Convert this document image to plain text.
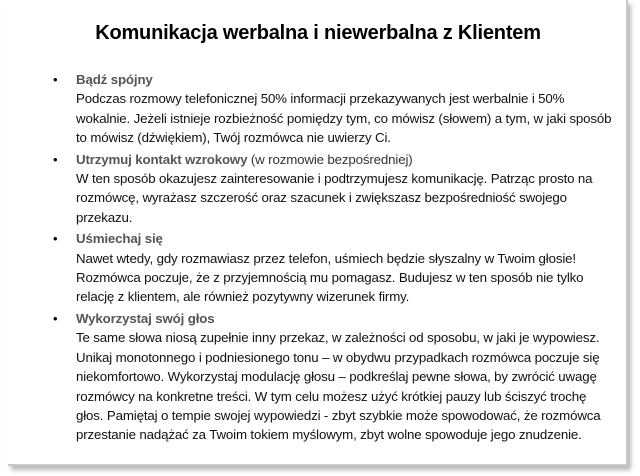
Komunikacja werbalna i niewerbalna z Klientem
•	Bądź spójny
Podczas rozmowy telefonicznej 50% informacji przekazywanych jest werbalnie i 50% wokalnie. Jeżeli istnieje rozbieżność pomiędzy tym, co mówisz (słowem) a tym, w jaki sposób to mówisz (dźwiękiem), Twój rozmówca nie uwierzy Ci.
•	Utrzymuj kontakt wzrokowy (w rozmowie bezpośredniej)
W ten sposób okazujesz zainteresowanie i podtrzymujesz komunikację. Patrząc prosto na rozmówcę, wyrażasz szczerość oraz szacunek i zwiększasz bezpośredniość swojego przekazu.
•	Uśmiechaj się
Nawet wtedy, gdy rozmawiasz przez telefon, uśmiech będzie słyszalny w Twoim głosie! Rozmówca poczuje, że z przyjemnością mu pomagasz. Budujesz w ten sposób nie tylko relację z klientem, ale również pozytywny wizerunek firmy.
•	Wykorzystaj swój głos
Te same słowa niosą zupełnie inny przekaz, w zależności od sposobu, w jaki je wypowiesz. Unikaj monotonnego i podniesionego tonu – w obydwu przypadkach rozmówca poczuje się niekomfortowo. Wykorzystaj modulację głosu – podkreślaj pewne słowa, by zwrócić uwagę rozmówcy na konkretne treści. W tym celu możesz użyć krótkiej pauzy lub ściszyć trochę głos. Pamiętaj o tempie swojej wypowiedzi - zbyt szybkie może spowodować, że rozmówca przestanie nadążać za Twoim tokiem myślowym, zbyt wolne spowoduje jego znudzenie.
